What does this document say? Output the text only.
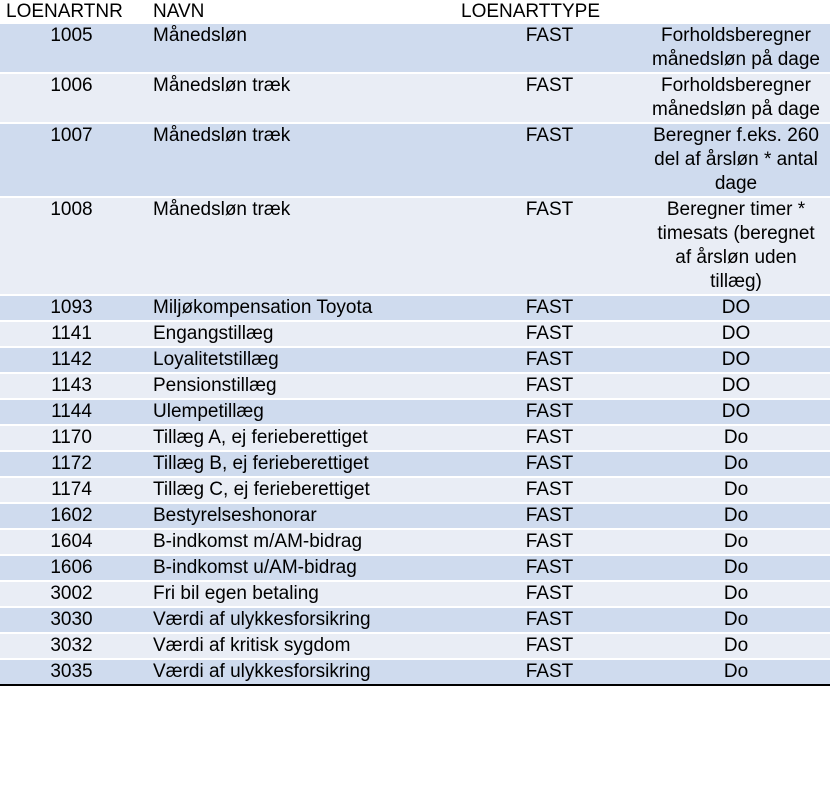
LOENARTNR	NAVN	LOENARTTYPE	
1005	Månedsløn	FAST	Forholdsberegner månedsløn på dage
1006	Månedsløn træk	FAST	Forholdsberegner månedsløn på dage
1007	Månedsløn træk	FAST	Beregner f.eks. 260 del af årsløn * antal dage
1008	Månedsløn træk	FAST	Beregner timer * timesats (beregnet af årsløn uden tillæg)
1093	Miljøkompensation Toyota	FAST	DO
1141	Engangstillæg	FAST	DO
1142	Loyalitetstillæg	FAST	DO
1143	Pensionstillæg	FAST	DO
1144	Ulempetillæg	FAST	DO
1170	Tillæg A, ej ferieberettiget	FAST	Do
1172	Tillæg B, ej ferieberettiget	FAST	Do
1174	Tillæg C, ej ferieberettiget	FAST	Do
1602	Bestyrelseshonorar	FAST	Do
1604	B-indkomst m/AM-bidrag	FAST	Do
1606	B-indkomst u/AM-bidrag	FAST	Do
3002	Fri bil egen betaling	FAST	Do
3030	Værdi af ulykkesforsikring	FAST	Do
3032	Værdi af kritisk sygdom	FAST	Do
3035	Værdi af ulykkesforsikring	FAST	Do
